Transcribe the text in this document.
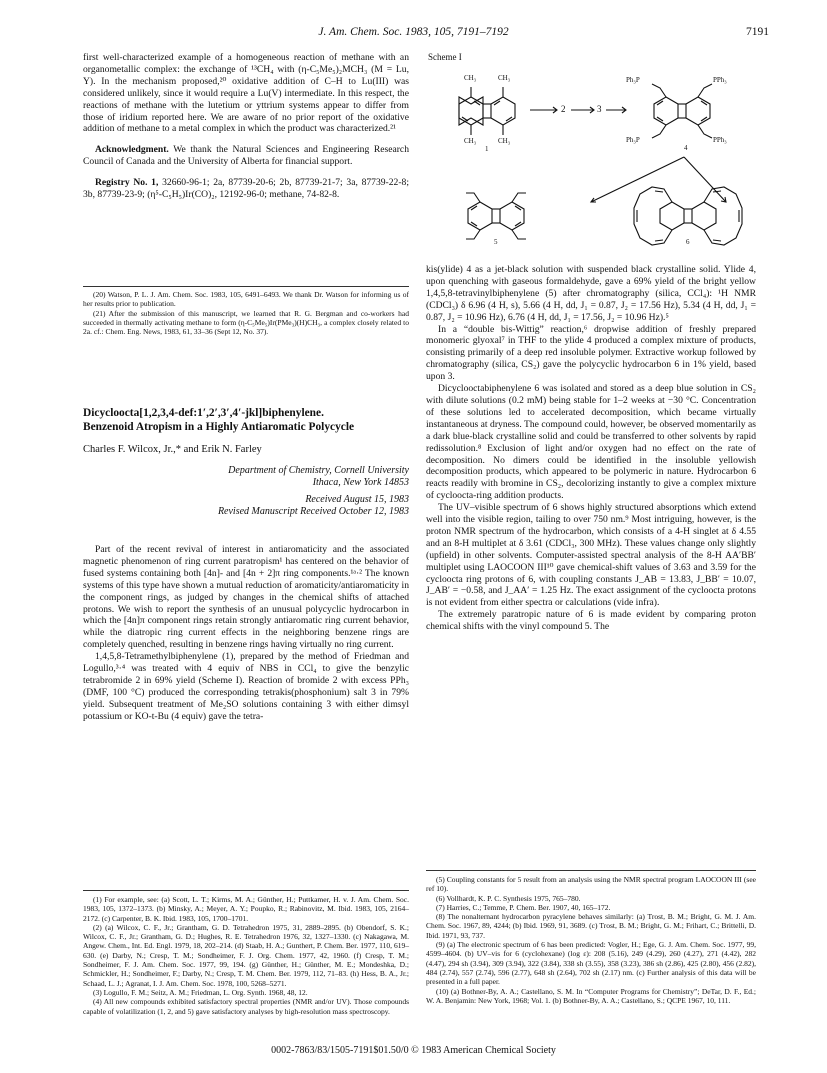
J. Am. Chem. Soc. 1983, 105, 7191–7192	7191

first well-characterized example of a homogeneous reaction of methane with an organometallic complex: the exchange of ¹³CH₄ with (η-C₅Me₅)₂MCH₃ (M = Lu, Y). In the mechanism proposed,²⁰ oxidative addition of C–H to Lu(III) was considered unlikely, since it would require a Lu(V) intermediate. In this respect, the reactions of methane with the lutetium or yttrium systems appear to differ from those of iridium reported here. We are aware of no prior report of the oxidative addition of methane to a metal complex in which the product was characterized.²¹

Acknowledgment. We thank the Natural Sciences and Engineering Research Council of Canada and the University of Alberta for financial support.

Registry No. 1, 32660-96-1; 2a, 87739-20-6; 2b, 87739-21-7; 3a, 87739-22-8; 3b, 87739-23-9; (η⁵-C₅H₅)Ir(CO)₂, 12192-96-0; methane, 74-82-8.

(20) Watson, P. L. J. Am. Chem. Soc. 1983, 105, 6491–6493. We thank Dr. Watson for informing us of her results prior to publication.

(21) After the submission of this manuscript, we learned that R. G. Bergman and co-workers had succeeded in thermally activating methane to form (η-C₅Me₅)Ir(PMe₃)(H)CH₃, a complex closely related to 2a. cf.: Chem. Eng. News, 1983, 61, 33–36 (Sept 12, No. 37).

Dicycloocta[1,2,3,4-def:1′,2′,3′,4′-jkl]biphenylene.
Benzenoid Atropism in a Highly Antiaromatic Polycycle
Charles F. Wilcox, Jr.,* and Erik N. Farley
Department of Chemistry, Cornell University
Ithaca, New York 14853
Received August 15, 1983
Revised Manuscript Received October 12, 1983

Part of the recent revival of interest in antiaromaticity and the associated magnetic phenomenon of ring current paratropism¹ has centered on the behavior of fused systems containing both [4n]- and [4n + 2]π ring components.¹ᵃ·² The known systems of this type have shown a mutual reduction of aromaticity/antiaromaticity in the component rings, as judged by changes in the chemical shifts of attached protons. We wish to report the synthesis of an unusual polycyclic hydrocarbon in which the [4n]π component rings retain strongly antiaromatic ring current behavior, while the diatropic ring current effects in the neighboring benzene rings are completely quenched, resulting in benzene rings having virtually no ring current.

1,4,5,8-Tetramethylbiphenylene (1), prepared by the method of Friedman and Logullo,³·⁴ was treated with 4 equiv of NBS in CCl₄ to give the benzylic tetrabromide 2 in 69% yield (Scheme I). Reaction of bromide 2 with excess PPh₃ (DMF, 100 °C) produced the corresponding tetrakis(phosphonium) salt 3 in 79% yield. Subsequent treatment of Me₂SO solutions containing 3 with either dimsyl potassium or KO-t-Bu (4 equiv) gave the tetra-

(1) For example, see: (a) Scott, L. T.; Kirms, M. A.; Günther, H.; Puttkamer, H. v. J. Am. Chem. Soc. 1983, 105, 1372–1373. (b) Minsky, A.; Meyer, A. Y.; Poupko, R.; Rabinovitz, M. Ibid. 1983, 105, 2164–2172. (c) Carpenter, B. K. Ibid. 1983, 105, 1700–1701.

(2) (a) Wilcox, C. F., Jr.; Grantham, G. D. Tetrahedron 1975, 31, 2889–2895. (b) Obendorf, S. K.; Wilcox, C. F., Jr.; Grantham, G. D.; Hughes, R. E. Tetrahedron 1976, 32, 1327–1330. (c) Nakagawa, M. Angew. Chem., Int. Ed. Engl. 1979, 18, 202–214. (d) Staab, H. A.; Gunthert, P. Chem. Ber. 1977, 110, 619–630. (e) Darby, N.; Cresp, T. M.; Sondheimer, F. J. Org. Chem. 1977, 42, 1960. (f) Cresp, T. M.; Sondheimer, F. J. Am. Chem. Soc. 1977, 99, 194. (g) Günther, H.; Günther, M. E.; Mondeshka, D.; Schmickler, H.; Sondheimer, F.; Darby, N.; Cresp, T. M. Chem. Ber. 1979, 112, 71–83. (h) Hess, B. A., Jr.; Schaad, L. J.; Agranat, I. J. Am. Chem. Soc. 1978, 100, 5268–5271.

(3) Logullo, F. M.; Seitz, A. M.; Friedman, L. Org. Synth. 1968, 48, 12.

(4) All new compounds exhibited satisfactory spectral properties (NMR and/or UV). Those compounds capable of volatilization (1, 2, and 5) gave satisfactory analyses by high-resolution mass spectroscopy.

Scheme I
CH₃	CH₃
CH₃	CH₃
1
2	3
Ph₃P	PPh₃
Ph₃P	PPh₃
4
5	6

kis(ylide) 4 as a jet-black solution with suspended black crystalline solid. Ylide 4, upon quenching with gaseous formaldehyde, gave a 69% yield of the bright yellow 1,4,5,8-tetravinylbiphenylene (5) after chromatography (silica, CCl₄): ¹H NMR (CDCl₃) δ 6.96 (4 H, s), 5.66 (4 H, dd, J₁ = 0.87, J₂ = 17.56 Hz), 5.34 (4 H, dd, J₁ = 0.87, J₂ = 10.96 Hz), 6.76 (4 H, dd, J₁ = 17.56, J₂ = 10.96 Hz).⁵

In a “double bis-Wittig” reaction,⁶ dropwise addition of freshly prepared monomeric glyoxal⁷ in THF to the ylide 4 produced a complex mixture of products, consisting primarily of a deep red insoluble polymer. Extractive workup followed by chromatography (silica, CS₂) gave the polycyclic hydrocarbon 6 in 1% yield, based upon 3.

Dicyclooctabiphenylene 6 was isolated and stored as a deep blue solution in CS₂ with dilute solutions (0.2 mM) being stable for 1–2 weeks at −30 °C. Concentration of these solutions led to accelerated decomposition, which became virtually instantaneous at dryness. The compound could, however, be observed momentarily as a dark blue-black crystalline solid and could be transferred to other solvents by rapid redissolution.⁸ Exclusion of light and/or oxygen had no effect on the rate of decomposition. No dimers could be identified in the insoluble yellowish decomposition products, which appeared to be polymeric in nature. Hydrocarbon 6 reacts readily with bromine in CS₂, decolorizing instantly to give a complex mixture of cyclooctа-ring addition products.

The UV–visible spectrum of 6 shows highly structured absorptions which extend well into the visible region, tailing to over 750 nm.⁹ Most intriguing, however, is the proton NMR spectrum of the hydrocarbon, which consists of a 4-H singlet at δ 4.55 and an 8-H multiplet at δ 3.61 (CDCl₃, 300 MHz). These values change only slightly (upfield) in other solvents. Computer-assisted spectral analysis of the 8-H AA′BB′ multiplet using LAOCOON III¹⁰ gave chemical-shift values of 3.63 and 3.59 for the cycloocta ring protons of 6, with coupling constants J_AB = 13.83, J_BB′ = 10.07, J_AB′ = −0.58, and J_AA′ = 1.25 Hz. The exact assignment of the cycloocta protons is not evident from either spectra or calculations (vide infra).

The extremely paratropic nature of 6 is made evident by comparing proton chemical shifts with the vinyl compound 5. The

(5) Coupling constants for 5 result from an analysis using the NMR spectral program LAOCOON III (see ref 10).

(6) Vollhardt, K. P. C. Synthesis 1975, 765–780.

(7) Harries, C.; Temme, P. Chem. Ber. 1907, 40, 165–172.

(8) The nonalternant hydrocarbon pyracylene behaves similarly: (a) Trost, B. M.; Bright, G. M. J. Am. Chem. Soc. 1967, 89, 4244; (b) Ibid. 1969, 91, 3689. (c) Trost, B. M.; Bright, G. M.; Frihart, C.; Brittelli, D. Ibid. 1971, 93, 737.

(9) (a) The electronic spectrum of 6 has been predicted: Vogler, H.; Ege, G. J. Am. Chem. Soc. 1977, 99, 4599–4604. (b) UV–vis for 6 (cyclohexane) (log ε): 208 (5.16), 249 (4.29), 260 (4.27), 271 (4.42), 282 (4.47), 294 sh (3.94), 309 (3.94), 322 (3.84), 338 sh (3.55), 358 (3.23), 386 sh (2.86), 425 (2.80), 456 (2.82), 484 (2.74), 557 (2.74), 596 (2.77), 648 sh (2.64), 702 sh (2.17) nm. (c) Further analysis of this data will be presented in a full paper.

(10) (a) Bothner-By, A. A.; Castellano, S. M. In “Computer Programs for Chemistry”; DeTar, D. F., Ed.; W. A. Benjamin: New York, 1968; Vol. 1. (b) Bothner-By, A. A.; Castellano, S.; QCPE 1967, 10, 111.

0002-7863/83/1505-7191$01.50/0 © 1983 American Chemical Society
